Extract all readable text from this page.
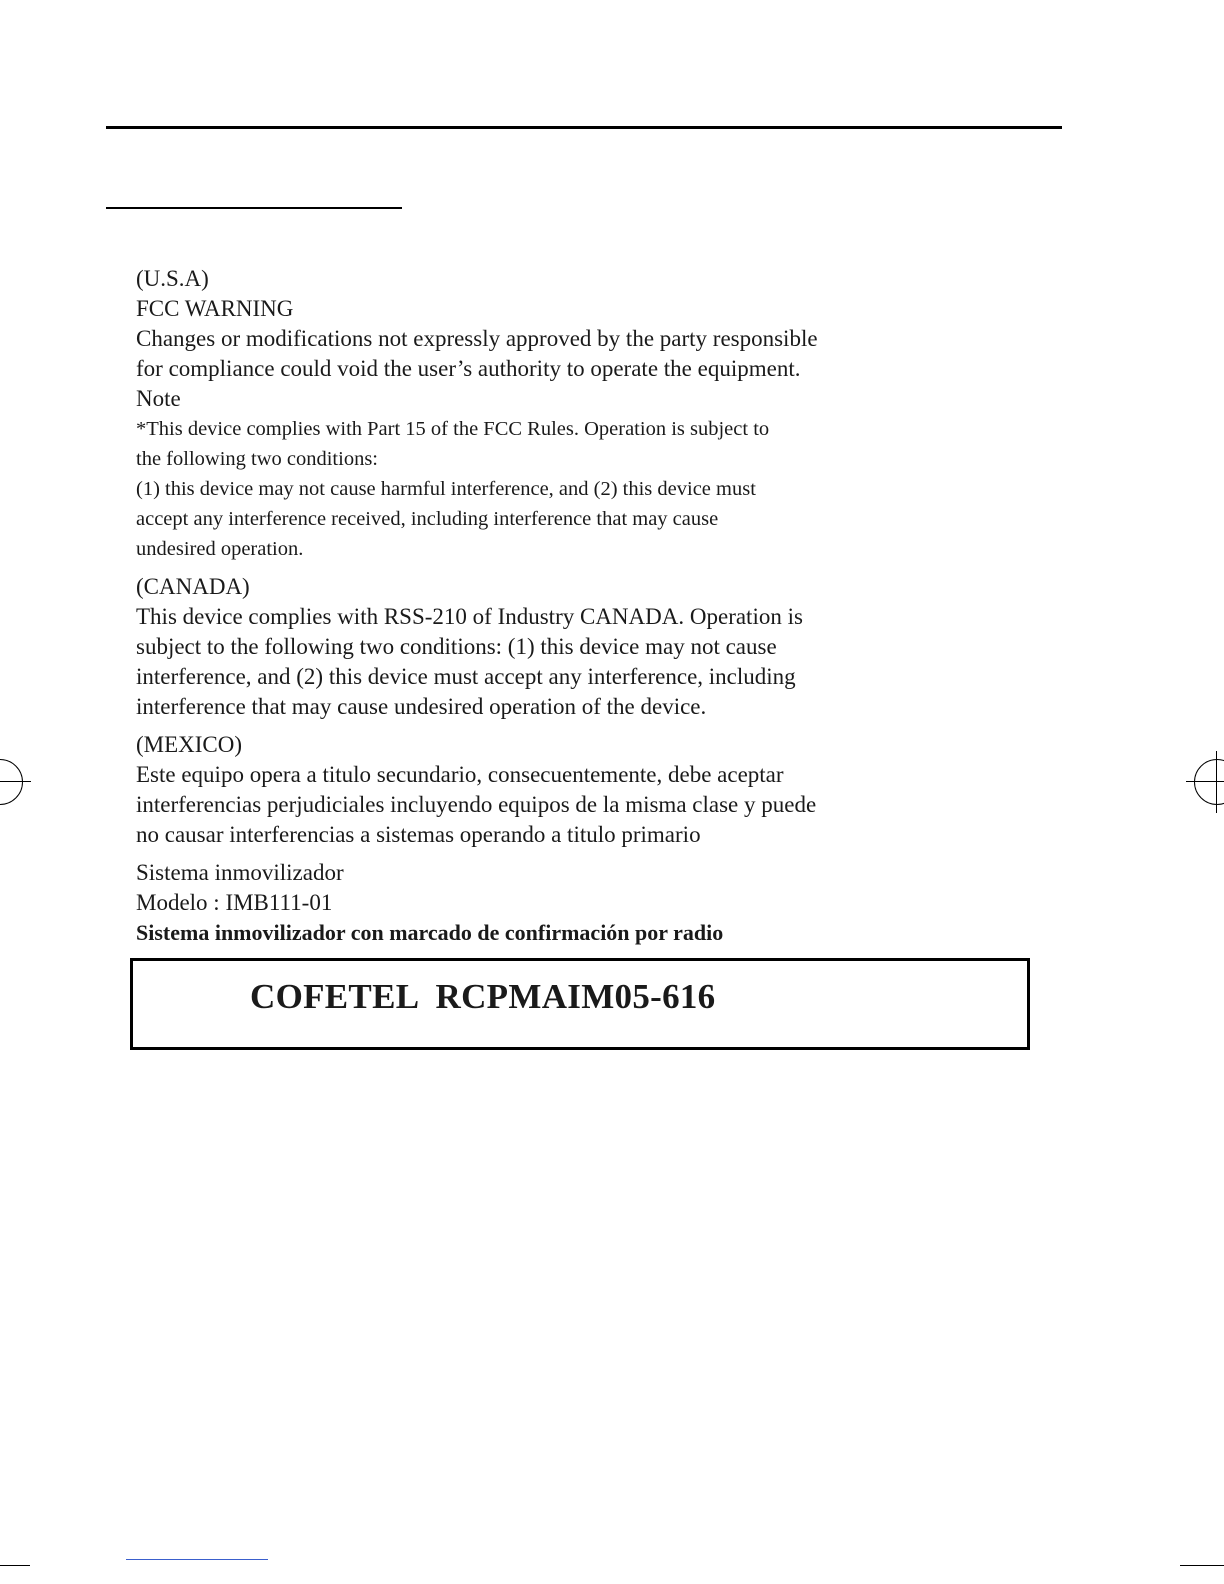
(U.S.A)
FCC WARNING
Changes or modifications not expressly approved by the party responsible
for compliance could void the user’s authority to operate the equipment.
Note
*This device complies with Part 15 of the FCC Rules. Operation is subject to
the following two conditions:
(1) this device may not cause harmful interference, and (2) this device must
accept any interference received, including interference that may cause
undesired operation.
(CANADA)
This device complies with RSS-210 of Industry CANADA. Operation is
subject to the following two conditions: (1) this device may not cause
interference, and (2) this device must accept any interference, including
interference that may cause undesired operation of the device.
(MEXICO)
Este equipo opera a titulo secundario, consecuentemente, debe aceptar
interferencias perjudiciales incluyendo equipos de la misma clase y puede
no causar interferencias a sistemas operando a titulo primario
Sistema inmovilizador
Modelo : IMB111-01
Sistema inmovilizador con marcado de confirmación por radio
COFETEL  RCPMAIM05-616
